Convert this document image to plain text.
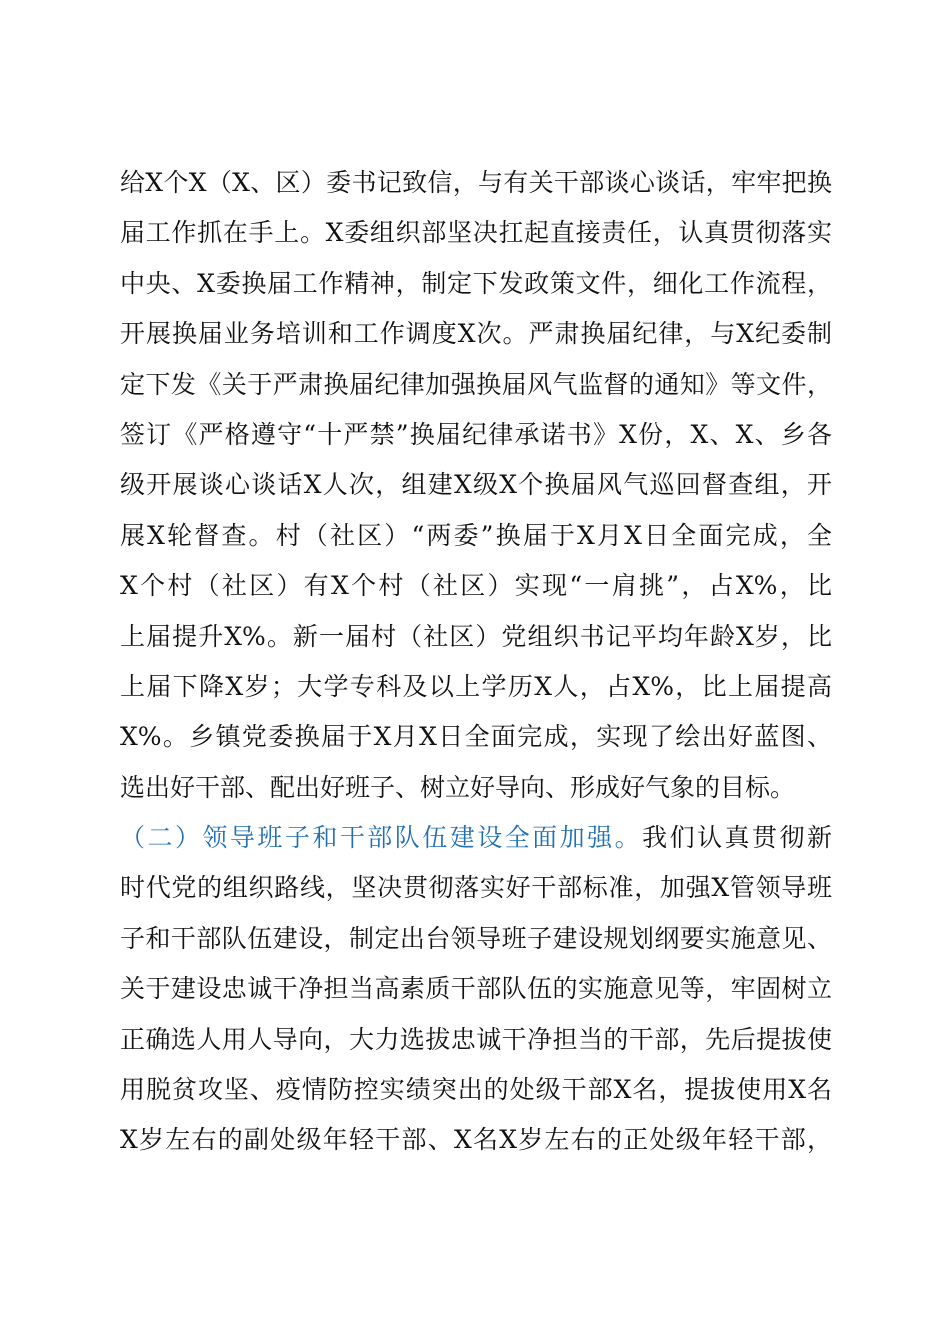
给X个X（X、区）委书记致信，与有关干部谈心谈话，牢牢把换
届工作抓在手上。X委组织部坚决扛起直接责任，认真贯彻落实
中央、X委换届工作精神，制定下发政策文件，细化工作流程，
开展换届业务培训和工作调度X次。严肃换届纪律，与X纪委制
定下发《关于严肃换届纪律加强换届风气监督的通知》等文件，
签订《严格遵守“十严禁”换届纪律承诺书》X份，X、X、乡各
级开展谈心谈话X人次，组建X级X个换届风气巡回督查组，开
展X轮督查。村（社区）“两委”换届于X月X日全面完成，全
X个村（社区）有X个村（社区）实现“一肩挑”，占X%，比
上届提升X%。新一届村（社区）党组织书记平均年龄X岁，比
上届下降X岁；大学专科及以上学历X人，占X%，比上届提高
X%。乡镇党委换届于X月X日全面完成，实现了绘出好蓝图、
选出好干部、配出好班子、树立好导向、形成好气象的目标。
（二）领导班子和干部队伍建设全面加强。我们认真贯彻新
时代党的组织路线，坚决贯彻落实好干部标准，加强X管领导班
子和干部队伍建设，制定出台领导班子建设规划纲要实施意见、
关于建设忠诚干净担当高素质干部队伍的实施意见等，牢固树立
正确选人用人导向，大力选拔忠诚干净担当的干部，先后提拔使
用脱贫攻坚、疫情防控实绩突出的处级干部X名，提拔使用X名
X岁左右的副处级年轻干部、X名X岁左右的正处级年轻干部，
